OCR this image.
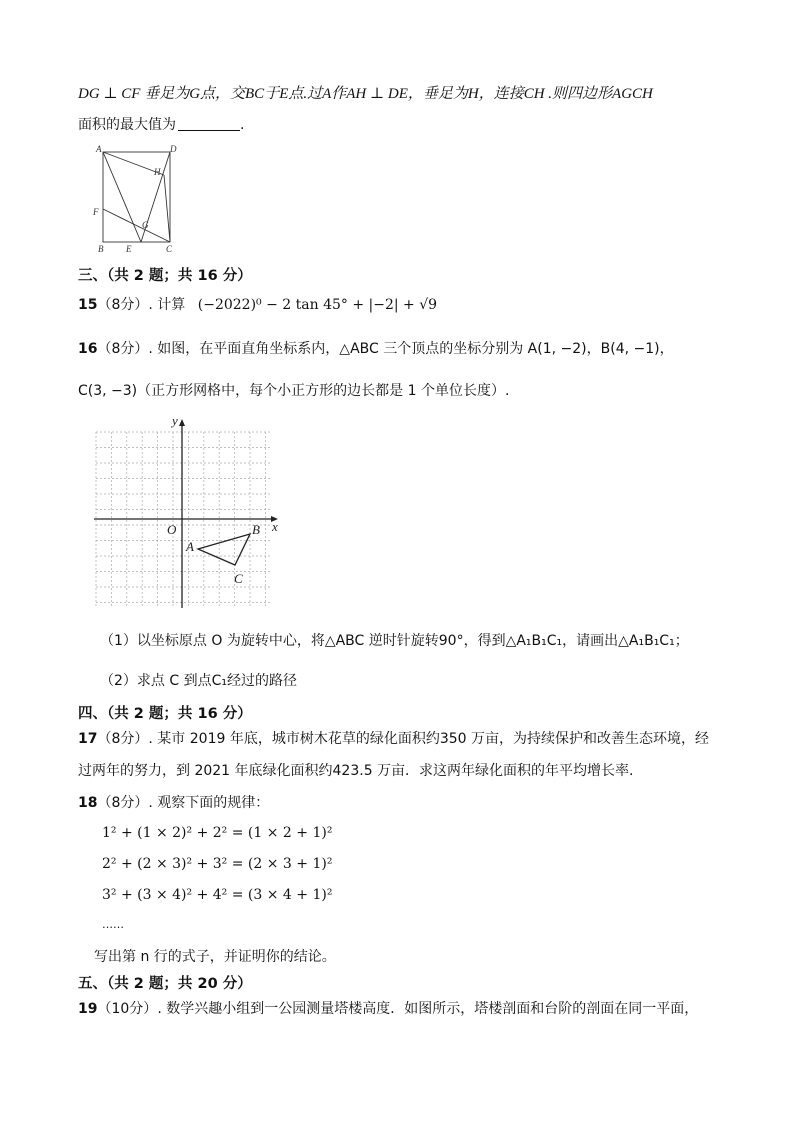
DG ⊥ CF 垂足为G点，交BC于E点.过A作AH ⊥ DE，垂足为H，连接CH .则四边形AGCH
面积的最大值为	.
A	D
H
F
G
B	E	C
三、（共 2 题；共 16 分）
15（8分）. 计算 (−2022)⁰ − 2 tan 45° + |−2| + √9
16（8分）. 如图，在平面直角坐标系内，△ABC 三个顶点的坐标分别为 A(1, −2)，B(4, −1)，
C(3, −3)（正方形网格中，每个小正方形的边长都是 1 个单位长度）.
y
x
O
A
B
C
（1）以坐标原点 O 为旋转中心，将△ABC 逆时针旋转90°，得到△A₁B₁C₁，请画出△A₁B₁C₁；
（2）求点 C 到点C₁经过的路径
四、（共 2 题；共 16 分）
17（8分）. 某市 2019 年底，城市树木花草的绿化面积约350 万亩，为持续保护和改善生态环境，经
过两年的努力，到 2021 年底绿化面积约423.5 万亩．求这两年绿化面积的年平均增长率.
18（8分）. 观察下面的规律：
1² + (1 × 2)² + 2² = (1 × 2 + 1)²
2² + (2 × 3)² + 3² = (2 × 3 + 1)²
3² + (3 × 4)² + 4² = (3 × 4 + 1)²
……
写出第 n 行的式子，并证明你的结论。
五、（共 2 题；共 20 分）
19（10分）. 数学兴趣小组到一公园测量塔楼高度．如图所示，塔楼剖面和台阶的剖面在同一平面，
